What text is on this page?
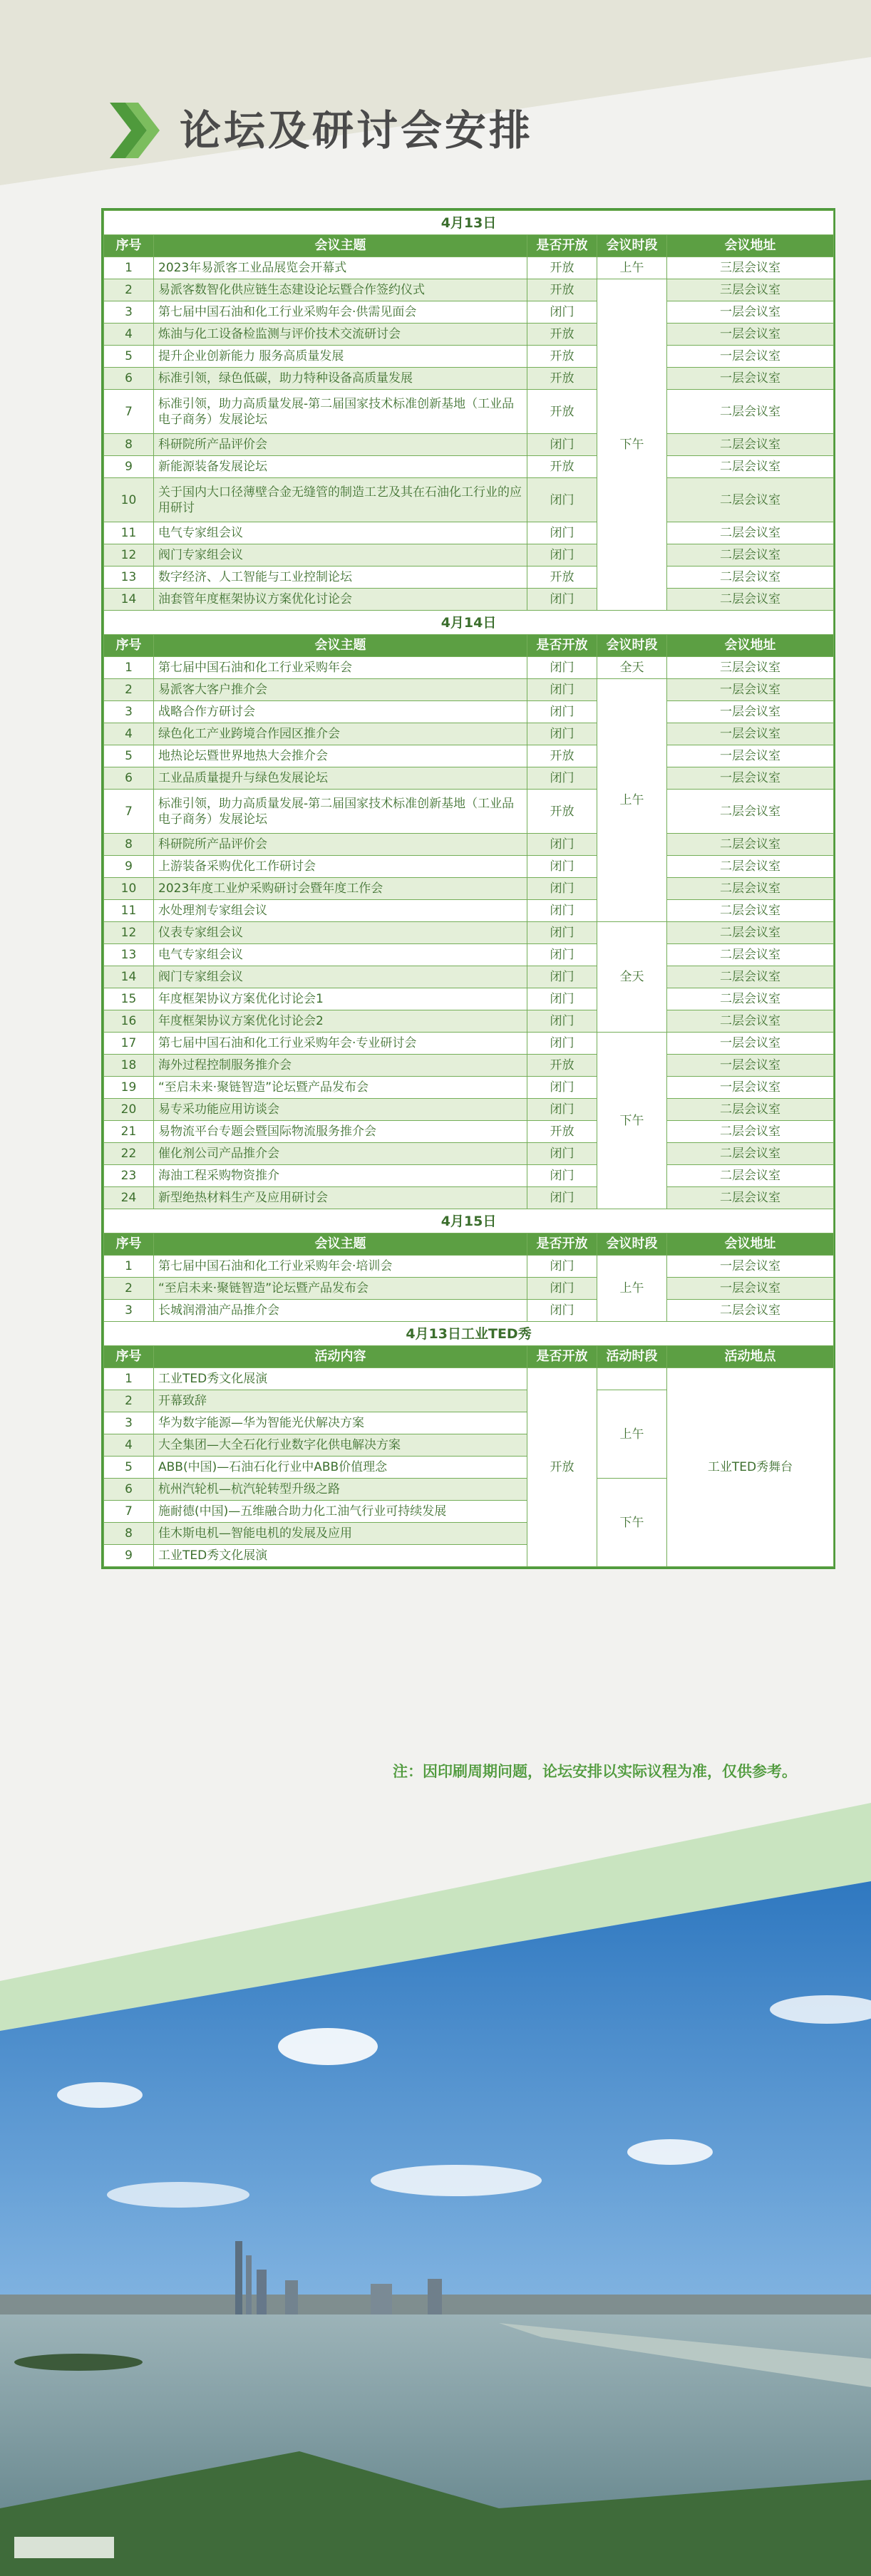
论坛及研讨会安排
4月13日					
序号	会议主题	是否开放	会议时段	会议地址	
1	2023年易派客工业品展览会开幕式	开放	上午	三层会议室	
2	易派客数智化供应链生态建设论坛暨合作签约仪式	开放	下午	三层会议室	
3	第七届中国石油和化工行业采购年会·供需见面会	闭门		一层会议室	
4	炼油与化工设备检监测与评价技术交流研讨会	开放		一层会议室	
5	提升企业创新能力 服务高质量发展	开放		一层会议室	
6	标准引领，绿色低碳，助力特种设备高质量发展	开放		一层会议室	
7	标准引领，助力高质量发展-第二届国家技术标准创新基地（工业品电子商务）发展论坛	开放		二层会议室	
8	科研院所产品评价会	闭门		二层会议室	
9	新能源装备发展论坛	开放		二层会议室	
10	关于国内大口径薄壁合金无缝管的制造工艺及其在石油化工行业的应用研讨	闭门		二层会议室	
11	电气专家组会议	闭门		二层会议室	
12	阀门专家组会议	闭门		二层会议室	
13	数字经济、人工智能与工业控制论坛	开放		二层会议室	
14	油套管年度框架协议方案优化讨论会	闭门		二层会议室	
4月14日					
序号	会议主题	是否开放	会议时段	会议地址	
1	第七届中国石油和化工行业采购年会	闭门	全天	三层会议室	
2	易派客大客户推介会	闭门	上午	一层会议室	
3	战略合作方研讨会	闭门		一层会议室	
4	绿色化工产业跨境合作园区推介会	闭门		一层会议室	
5	地热论坛暨世界地热大会推介会	开放		一层会议室	
6	工业品质量提升与绿色发展论坛	闭门		一层会议室	
7	标准引领，助力高质量发展-第二届国家技术标准创新基地（工业品电子商务）发展论坛	开放		二层会议室	
8	科研院所产品评价会	闭门		二层会议室	
9	上游装备采购优化工作研讨会	闭门		二层会议室	
10	2023年度工业炉采购研讨会暨年度工作会	闭门		二层会议室	
11	水处理剂专家组会议	闭门		二层会议室	
12	仪表专家组会议	闭门	全天	二层会议室	
13	电气专家组会议	闭门		二层会议室	
14	阀门专家组会议	闭门		二层会议室	
15	年度框架协议方案优化讨论会1	闭门		二层会议室	
16	年度框架协议方案优化讨论会2	闭门		二层会议室	
17	第七届中国石油和化工行业采购年会·专业研讨会	闭门	下午	一层会议室	
18	海外过程控制服务推介会	开放		一层会议室	
19	“至启未来·聚链智造”论坛暨产品发布会	闭门		一层会议室	
20	易专采功能应用访谈会	闭门		二层会议室	
21	易物流平台专题会暨国际物流服务推介会	开放		二层会议室	
22	催化剂公司产品推介会	闭门		二层会议室	
23	海油工程采购物资推介	闭门		二层会议室	
24	新型绝热材料生产及应用研讨会	闭门		二层会议室	
4月15日					
序号	会议主题	是否开放	会议时段	会议地址	
1	第七届中国石油和化工行业采购年会·培训会	闭门	上午	一层会议室	
2	“至启未来·聚链智造”论坛暨产品发布会	闭门		一层会议室	
3	长城润滑油产品推介会	闭门		二层会议室	
4月13日工业TED秀					
序号	活动内容	是否开放	活动时段	活动地点	
1	工业TED秀文化展演	开放		工业TED秀舞台	
2	开幕致辞		上午		
3	华为数字能源—华为智能光伏解决方案				
4	大全集团—大全石化行业数字化供电解决方案				
5	ABB(中国)—石油石化行业中ABB价值理念				
6	杭州汽轮机—杭汽轮转型升级之路		下午		
7	施耐德(中国)—五维融合助力化工油气行业可持续发展				
8	佳木斯电机—智能电机的发展及应用				
9	工业TED秀文化展演				
注：因印刷周期问题，论坛安排以实际议程为准，仅供参考。
